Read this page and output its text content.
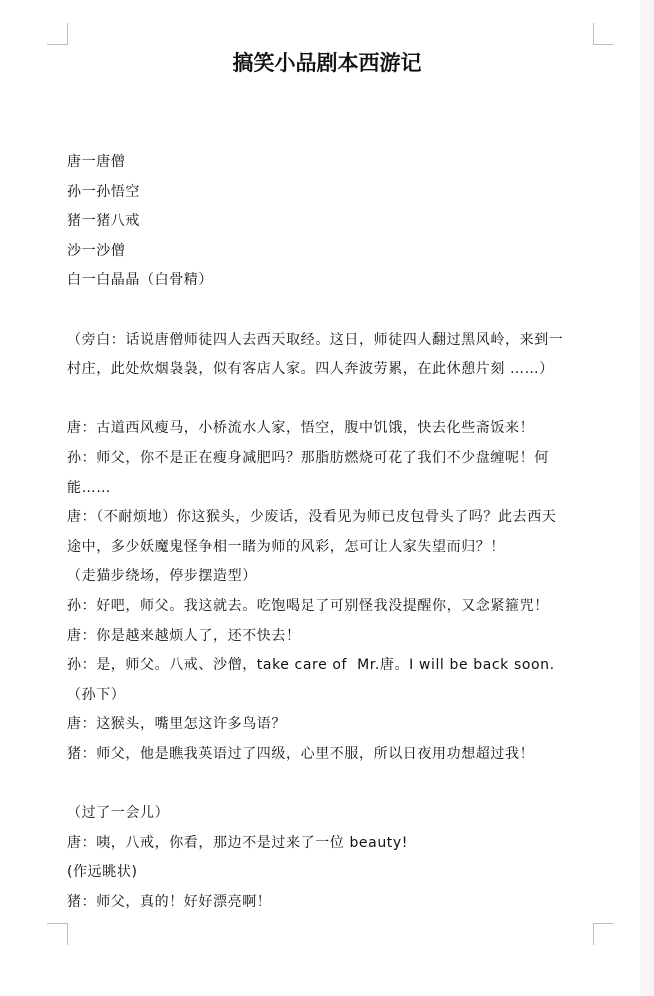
搞笑小品剧本西游记
唐一唐僧
孙一孙悟空
猪一猪八戒
沙一沙僧
白一白晶晶（白骨精）
（旁白：话说唐僧师徒四人去西天取经。这日，师徒四人翻过黑风岭，来到一
村庄，此处炊烟袅袅，似有客店人家。四人奔波劳累，在此休憩片刻 ……）
唐：古道西风瘦马，小桥流水人家，悟空，腹中饥饿，快去化些斋饭来！
孙：师父，你不是正在瘦身减肥吗？那脂肪燃烧可花了我们不少盘缠呢！何
能……
唐：（不耐烦地）你这猴头，少废话，没看见为师已皮包骨头了吗？此去西天
途中，多少妖魔鬼怪争相一睹为师的风彩，怎可让人家失望而归？！
（走猫步绕场，停步摆造型）
孙：好吧，师父。我这就去。吃饱喝足了可别怪我没提醒你，又念紧箍咒！
唐：你是越来越烦人了，还不快去！
孙：是，师父。八戒、沙僧，take care of  Mr.唐。I will be back soon.
（孙下）
唐：这猴头，嘴里怎这许多鸟语？
猪：师父，他是瞧我英语过了四级，心里不服，所以日夜用功想超过我！
（过了一会儿）
唐：咦，八戒，你看，那边不是过来了一位 beauty!
(作远眺状)
猪：师父，真的！好好漂亮啊！
